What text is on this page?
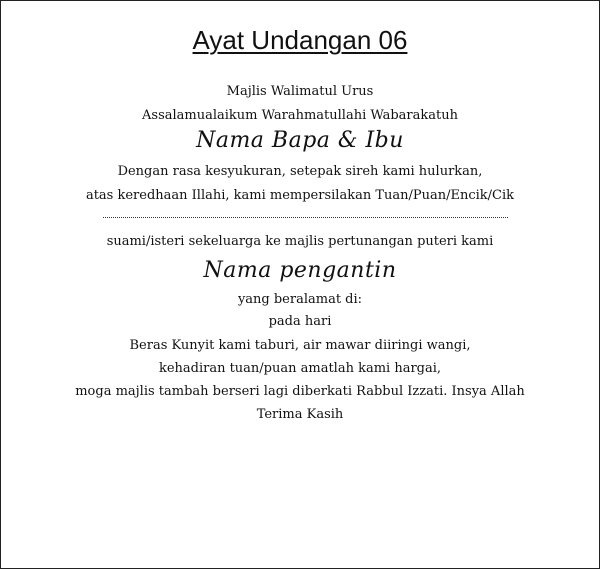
Ayat Undangan 06
Majlis Walimatul Urus
Assalamualaikum Warahmatullahi Wabarakatuh
Nama Bapa & Ibu
Dengan rasa kesyukuran, setepak sireh kami hulurkan,
atas keredhaan Illahi, kami mempersilakan Tuan/Puan/Encik/Cik
suami/isteri sekeluarga ke majlis pertunangan puteri kami
Nama pengantin
yang beralamat di:
pada hari
Beras Kunyit kami taburi, air mawar diiringi wangi,
kehadiran tuan/puan amatlah kami hargai,
moga majlis tambah berseri lagi diberkati Rabbul Izzati. Insya Allah
Terima Kasih
